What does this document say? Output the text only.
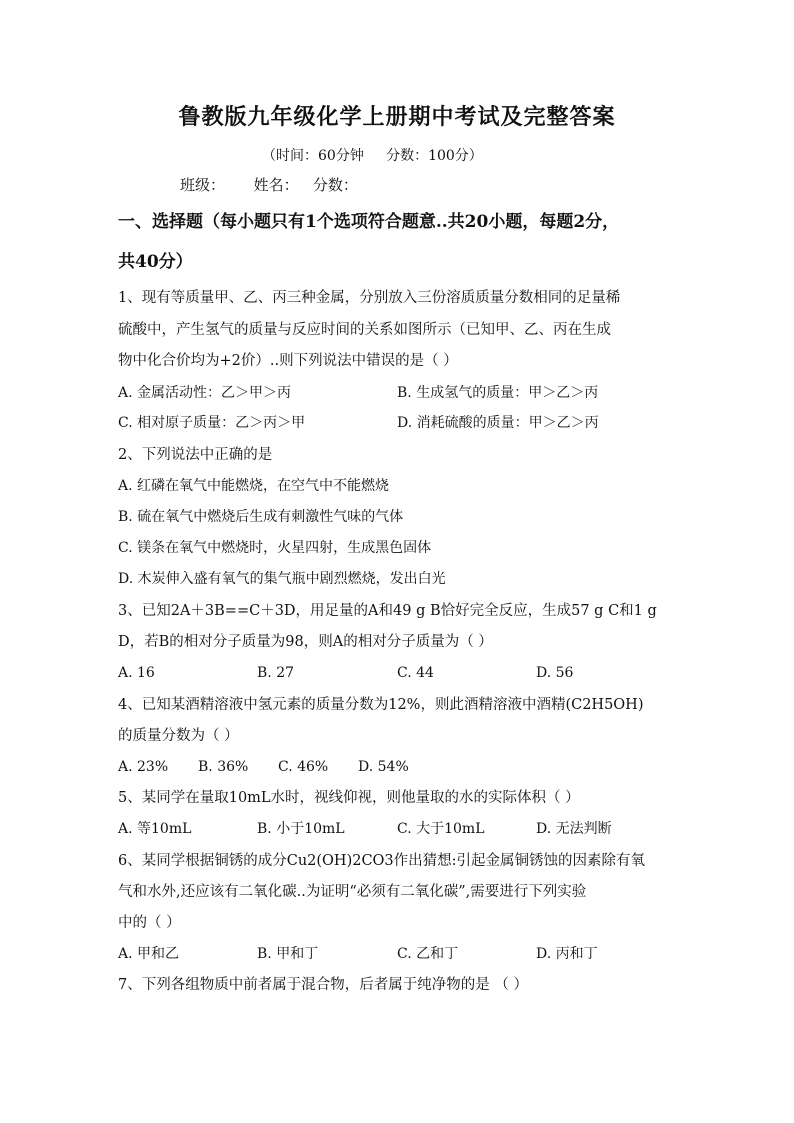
鲁教版九年级化学上册期中考试及完整答案
（时间：60分钟     分数：100分）
班级：      姓名：   分数：
一、选择题（每小题只有1个选项符合题意..共20小题，每题2分，
共40分）
1、现有等质量甲、乙、丙三种金属，分别放入三份溶质质量分数相同的足量稀
硫酸中，产生氢气的质量与反应时间的关系如图所示（已知甲、乙、丙在生成
物中化合价均为+2价）..则下列说法中错误的是（ ）
A. 金属活动性：乙＞甲＞丙	B. 生成氢气的质量：甲＞乙＞丙
C. 相对原子质量：乙＞丙＞甲	D. 消耗硫酸的质量：甲＞乙＞丙
2、下列说法中正确的是
A. 红磷在氧气中能燃烧，在空气中不能燃烧
B. 硫在氧气中燃烧后生成有刺激性气味的气体
C. 镁条在氧气中燃烧时，火星四射，生成黑色固体
D. 木炭伸入盛有氧气的集气瓶中剧烈燃烧，发出白光
3、已知2A＋3B==C＋3D，用足量的A和49 g B恰好完全反应，生成57 g C和1 g
D，若B的相对分子质量为98，则A的相对分子质量为（ ）
A. 16	B. 27	C. 44	D. 56
4、已知某酒精溶液中氢元素的质量分数为12%，则此酒精溶液中酒精(C2H5OH)
的质量分数为（ ）
A. 23% B. 36% C. 46% D. 54%
5、某同学在量取10mL水时，视线仰视，则他量取的水的实际体积（ ）
A. 等10mL	B. 小于10mL	C. 大于10mL	D. 无法判断
6、某同学根据铜锈的成分Cu2(OH)2CO3作出猜想:引起金属铜锈蚀的因素除有氧
气和水外,还应该有二氧化碳..为证明“必须有二氧化碳”,需要进行下列实验
中的（ ）
A. 甲和乙	B. 甲和丁	C. 乙和丁	D. 丙和丁
7、下列各组物质中前者属于混合物，后者属于纯净物的是 （ ）
